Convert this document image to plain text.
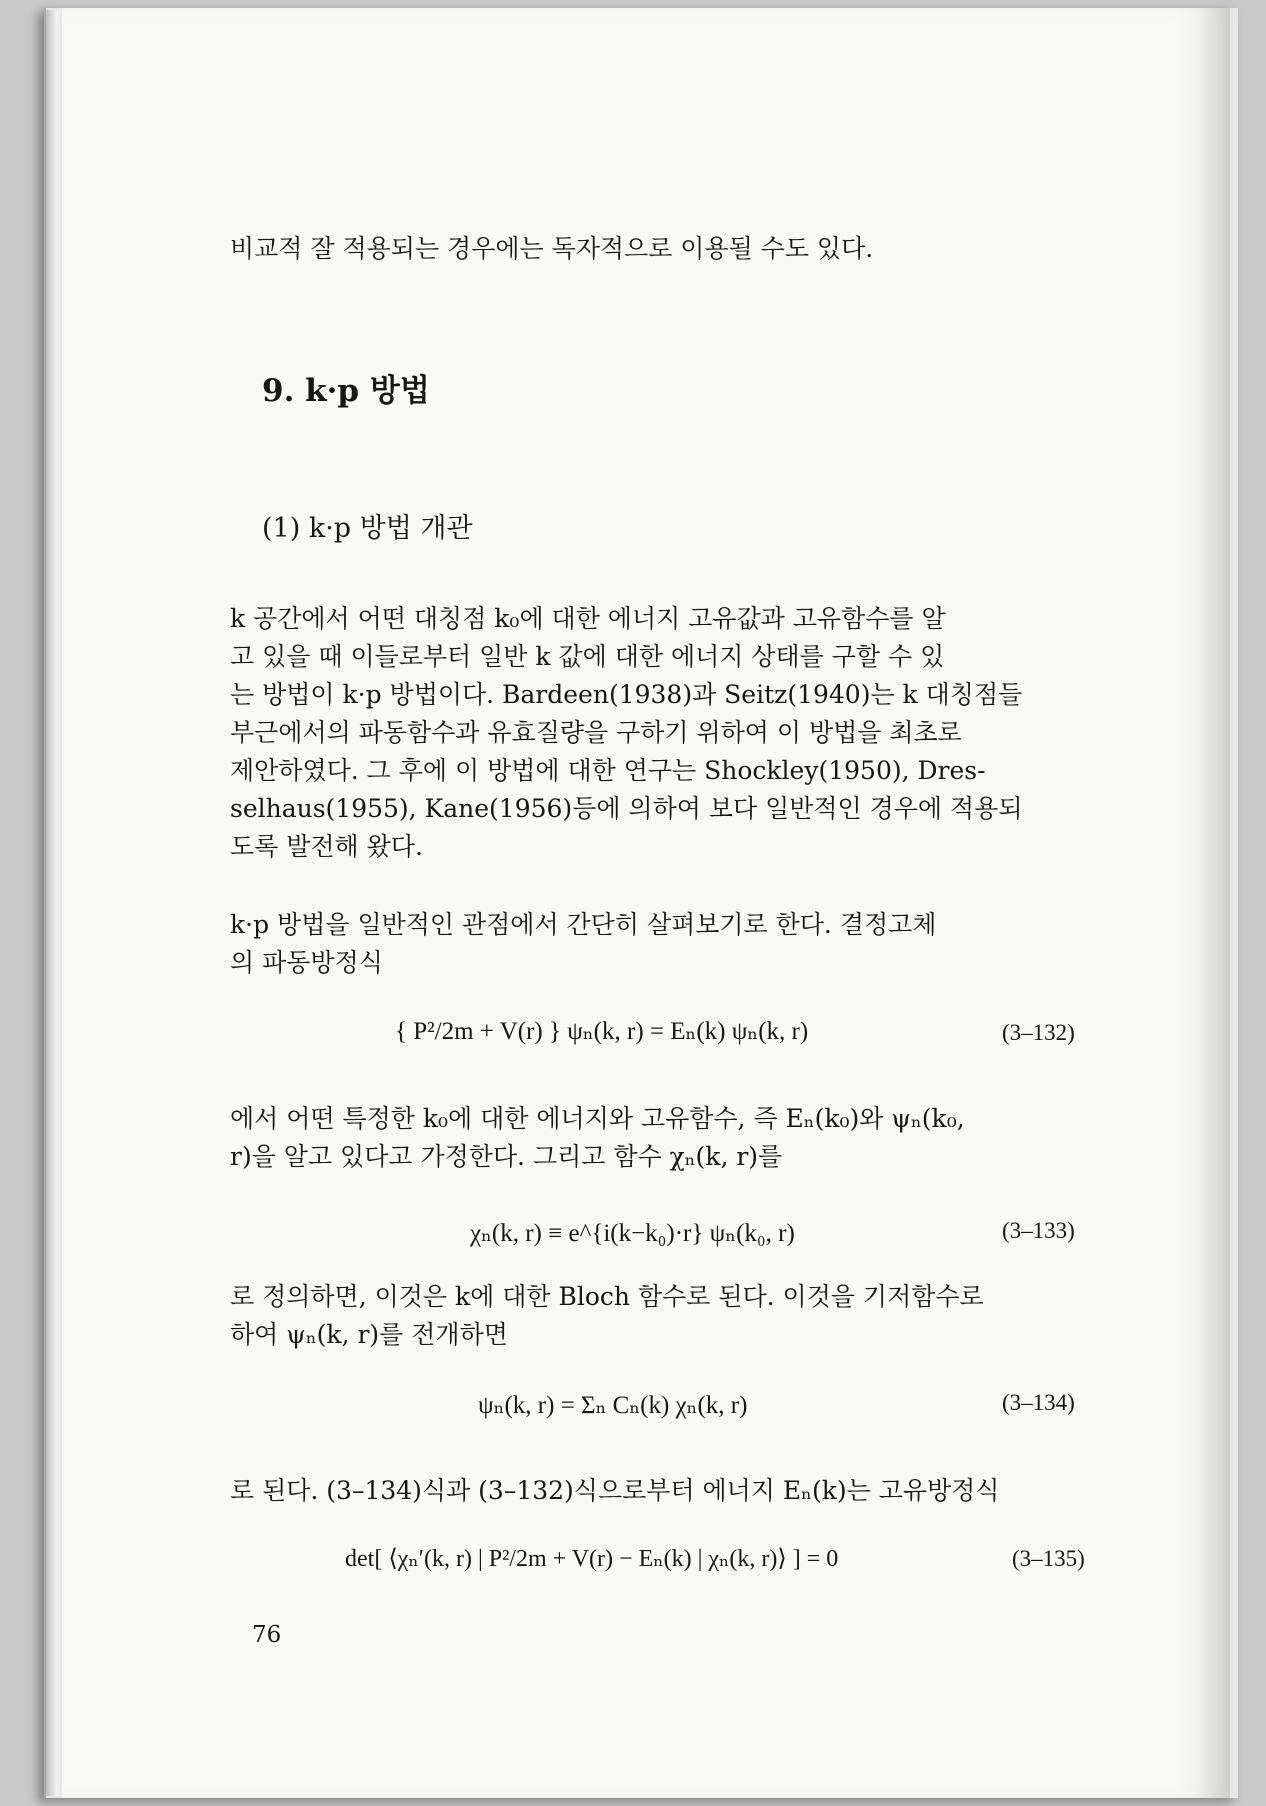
비교적 잘 적용되는 경우에는 독자적으로 이용될 수도 있다.
9. k·p 방법
(1) k·p 방법 개관

k 공간에서 어떤 대칭점 k₀에 대한 에너지 고유값과 고유함수를 알

고 있을 때 이들로부터 일반 k 값에 대한 에너지 상태를 구할 수 있

는 방법이 k·p 방법이다. Bardeen(1938)과 Seitz(1940)는 k 대칭점들

부근에서의 파동함수과 유효질량을 구하기 위하여 이 방법을 최초로

제안하였다. 그 후에 이 방법에 대한 연구는 Shockley(1950), Dres-

selhaus(1955), Kane(1956)등에 의하여 보다 일반적인 경우에 적용되

도록 발전해 왔다.

k·p 방법을 일반적인 관점에서 간단히 살펴보기로 한다. 결정고체

의 파동방정식

{ P²/2m + V(r) } ψₙ(k, r) = Eₙ(k) ψₙ(k, r)	(3–132)

에서 어떤 특정한 k₀에 대한 에너지와 고유함수, 즉 Eₙ(k₀)와 ψₙ(k₀,

r)을 알고 있다고 가정한다. 그리고 함수 χₙ(k, r)를

χₙ(k, r) ≡ e^{i(k−k₀)·r} ψₙ(k₀, r)	(3–133)

로 정의하면, 이것은 k에 대한 Bloch 함수로 된다. 이것을 기저함수로

하여 ψₙ(k, r)를 전개하면

ψₙ(k, r) = Σₙ Cₙ(k) χₙ(k, r)	(3–134)

로 된다. (3–134)식과 (3–132)식으로부터 에너지 Eₙ(k)는 고유방정식

det[ ⟨χₙ′(k, r) | P²/2m + V(r) − Eₙ(k) | χₙ(k, r)⟩ ] = 0	(3–135)
76
